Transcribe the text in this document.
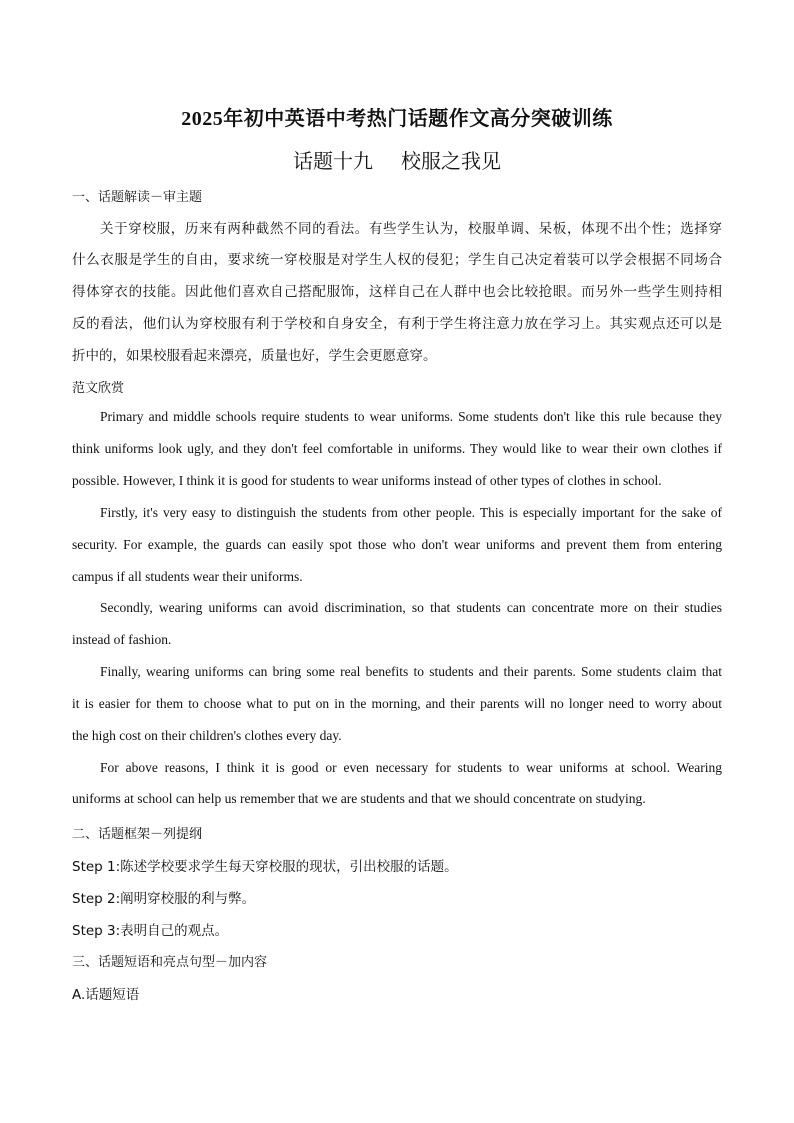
2025年初中英语中考热门话题作文高分突破训练
话题十九 校服之我见
一、话题解读－审主题
关于穿校服，历来有两种截然不同的看法。有些学生认为，校服单调、呆板，体现不出个性；选择穿
什么衣服是学生的自由，要求统一穿校服是对学生人权的侵犯；学生自己决定着装可以学会根据不同场合
得体穿衣的技能。因此他们喜欢自己搭配服饰，这样自己在人群中也会比较抢眼。而另外一些学生则持相
反的看法，他们认为穿校服有利于学校和自身安全，有利于学生将注意力放在学习上。其实观点还可以是
折中的，如果校服看起来漂亮，质量也好，学生会更愿意穿。
范文欣赏
Primary and middle schools require students to wear uniforms. Some students don't like this rule because they
think uniforms look ugly, and they don't feel comfortable in uniforms. They would like to wear their own clothes if
possible. However, I think it is good for students to wear uniforms instead of other types of clothes in school.
Firstly, it's very easy to distinguish the students from other people. This is especially important for the sake of
security. For example, the guards can easily spot those who don't wear uniforms and prevent them from entering
campus if all students wear their uniforms.
Secondly, wearing uniforms can avoid discrimination, so that students can concentrate more on their studies
instead of fashion.
Finally, wearing uniforms can bring some real benefits to students and their parents. Some students claim that
it is easier for them to choose what to put on in the morning, and their parents will no longer need to worry about
the high cost on their children's clothes every day.
For above reasons, I think it is good or even necessary for students to wear uniforms at school. Wearing
uniforms at school can help us remember that we are students and that we should concentrate on studying.
二、话题框架－列提纲
Step 1:陈述学校要求学生每天穿校服的现状，引出校服的话题。
Step 2:阐明穿校服的利与弊。
Step 3:表明自己的观点。
三、话题短语和亮点句型－加内容
A.话题短语
